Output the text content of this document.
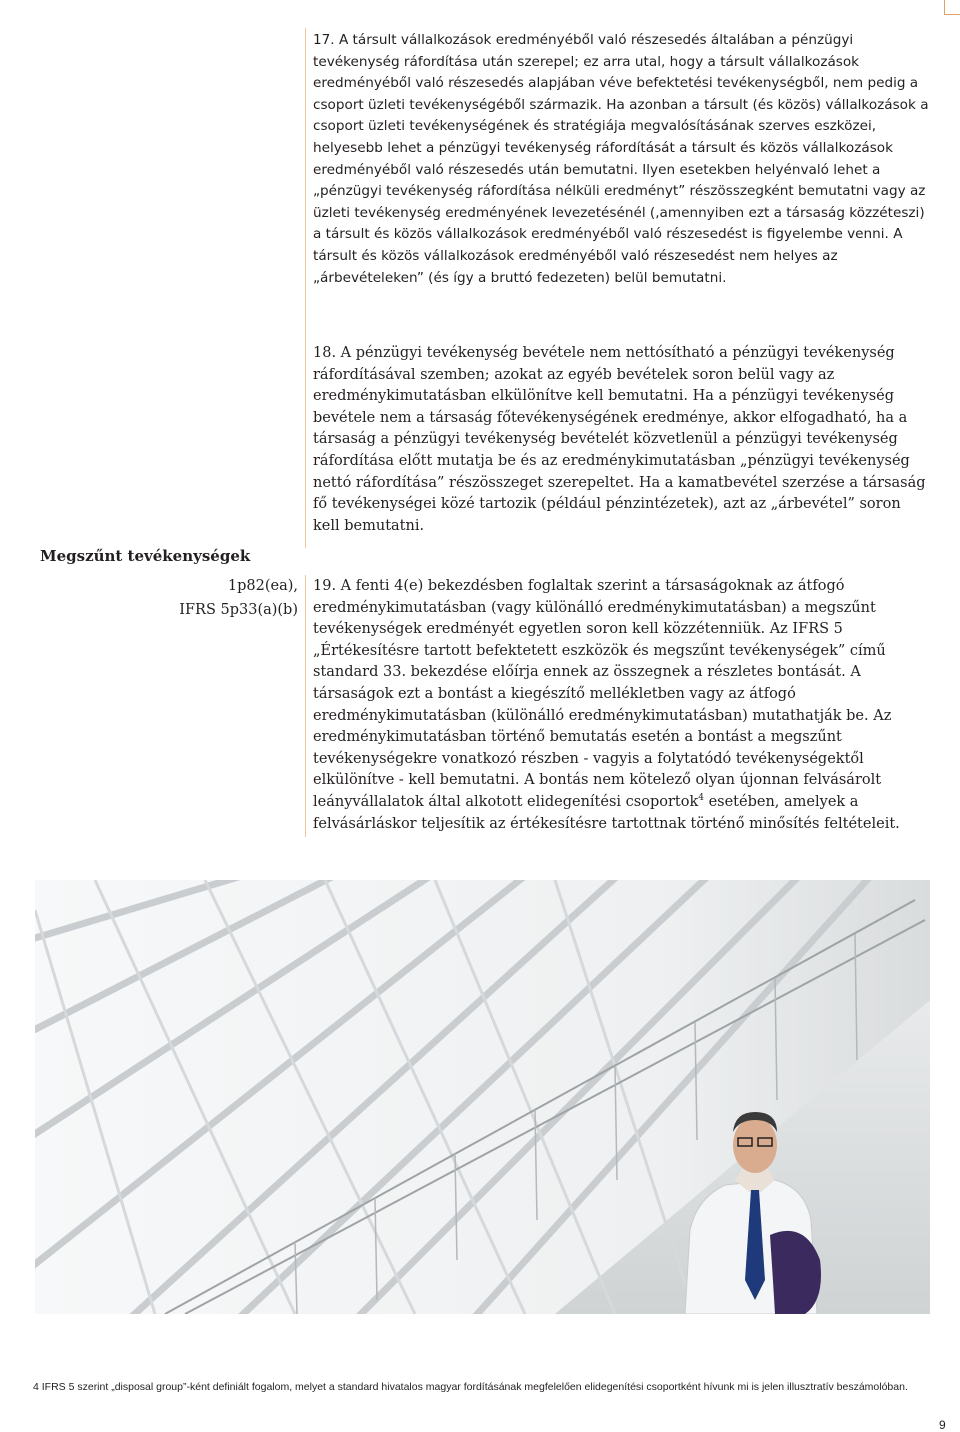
Megszűnt tevékenységek
1p82(ea),
IFRS 5p33(a)(b)

17. A társult vállalkozások eredményéből való részesedés általában a pénzügyi tevékenység ráfordítása után szerepel; ez arra utal, hogy a társult vállalkozások eredményéből való részesedés alapjában véve befektetési tevékenységből, nem pedig a csoport üzleti tevékenységéből származik. Ha azonban a társult (és közös) vállalkozások a csoport üzleti tevékenységének és stratégiája megvalósításának szerves eszközei, helyesebb lehet a pénzügyi tevékenység ráfordítását a társult és közös vállalkozások eredményéből való részesedés után bemutatni. Ilyen esetekben helyénvaló lehet a „pénzügyi tevékenység ráfordítása nélküli eredményt” részösszegként bemutatni vagy az üzleti tevékenység eredményének levezetésénél (,amennyiben ezt a társaság közzéteszi) a társult és közös vállalkozások eredményéből való részesedést is figyelembe venni. A társult és közös vállalkozások eredményéből való részesedést nem helyes az „árbevételeken” (és így a bruttó fedezeten) belül bemutatni.

18. A pénzügyi tevékenység bevétele nem nettósítható a pénzügyi tevékenység ráfordításával szemben; azokat az egyéb bevételek soron belül vagy az eredménykimutatásban elkülönítve kell bemutatni. Ha a pénzügyi tevékenység bevétele nem a társaság főtevékenységének eredménye, akkor elfogadható, ha a társaság a pénzügyi tevékenység bevételét közvetlenül a pénzügyi tevékenység ráfordítása előtt mutatja be és az eredménykimutatásban „pénzügyi tevékenység nettó ráfordítása” részösszeget szerepeltet. Ha a kamatbevétel szerzése a társaság fő tevékenységei közé tartozik (például pénzintézetek), azt az „árbevétel” soron kell bemutatni.

19. A fenti 4(e) bekezdésben foglaltak szerint a társaságoknak az átfogó eredménykimutatásban (vagy különálló eredménykimutatásban) a megszűnt tevékenységek eredményét egyetlen soron kell közzétenniük. Az IFRS 5 „Értékesítésre tartott befektetett eszközök és megszűnt tevékenységek” című standard 33. bekezdése előírja ennek az összegnek a részletes bontását. A társaságok ezt a bontást a kiegészítő mellékletben vagy az átfogó eredménykimutatásban (különálló eredménykimutatásban) mutathatják be. Az eredménykimutatásban történő bemutatás esetén a bontást a megszűnt tevékenységekre vonatkozó részben - vagyis a folytatódó tevékenységektől elkülönítve - kell bemutatni. A bontás nem kötelező olyan újonnan felvásárolt leányvállalatok által alkotott elidegenítési csoportok$^4$ esetében, amelyek a felvásárláskor teljesítik az értékesítésre tartottnak történő minősítés feltételeit.

4 IFRS 5 szerint „disposal group”-ként definiált fogalom, melyet a standard hivatalos magyar fordításának megfelelően elidegenítési csoportként hívunk mi is jelen illusztratív beszámolóban.
9
